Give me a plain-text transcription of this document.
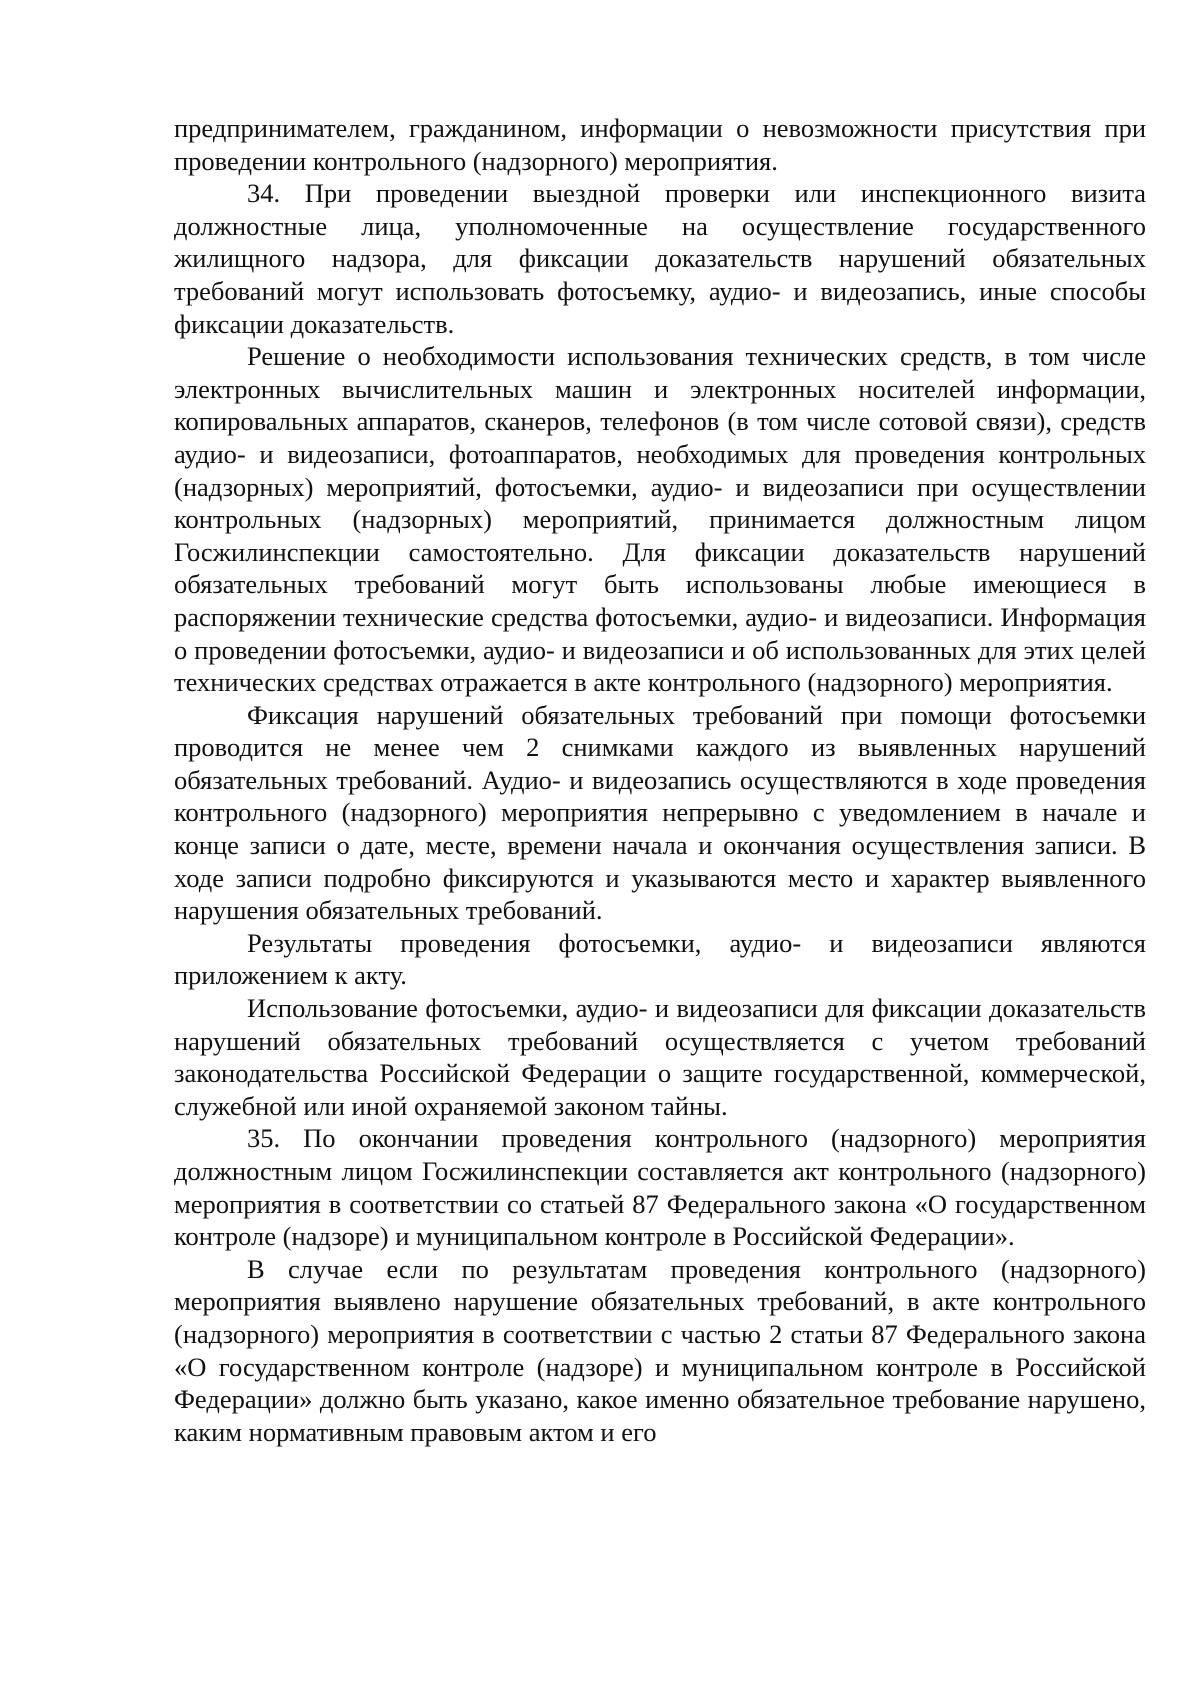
предпринимателем, гражданином, информации о невозможности присутствия при проведении контрольного (надзорного) мероприятия.

34. При проведении выездной проверки или инспекционного визита должностные лица, уполномоченные на осуществление государственного жилищного надзора, для фиксации доказательств нарушений обязательных требований могут использовать фотосъемку, аудио- и видеозапись, иные способы фиксации доказательств.

Решение о необходимости использования технических средств, в том числе электронных вычислительных машин и электронных носителей информации, копировальных аппаратов, сканеров, телефонов (в том числе сотовой связи), средств аудио- и видеозаписи, фотоаппаратов, необходимых для проведения контрольных (надзорных) мероприятий, фотосъемки, аудио- и видеозаписи при осуществлении контрольных (надзорных) мероприятий, принимается должностным лицом Госжилинспекции самостоятельно. Для фиксации доказательств нарушений обязательных требований могут быть использованы любые имеющиеся в распоряжении технические средства фотосъемки, аудио- и видеозаписи. Информация о проведении фотосъемки, аудио- и видеозаписи и об использованных для этих целей технических средствах отражается в акте контрольного (надзорного) мероприятия.

Фиксация нарушений обязательных требований при помощи фотосъемки проводится не менее чем 2 снимками каждого из выявленных нарушений обязательных требований. Аудио- и видеозапись осуществляются в ходе проведения контрольного (надзорного) мероприятия непрерывно с уведомлением в начале и конце записи о дате, месте, времени начала и окончания осуществления записи. В ходе записи подробно фиксируются и указываются место и характер выявленного нарушения обязательных требований.

Результаты проведения фотосъемки, аудио- и видеозаписи являются приложением к акту.

Использование фотосъемки, аудио- и видеозаписи для фиксации доказательств нарушений обязательных требований осуществляется с учетом требований законодательства Российской Федерации о защите государственной, коммерческой, служебной или иной охраняемой законом тайны.

35. По окончании проведения контрольного (надзорного) мероприятия должностным лицом Госжилинспекции составляется акт контрольного (надзорного) мероприятия в соответствии со статьей 87 Федерального закона «О государственном контроле (надзоре) и муниципальном контроле в Российской Федерации».

В случае если по результатам проведения контрольного (надзорного) мероприятия выявлено нарушение обязательных требований, в акте контрольного (надзорного) мероприятия в соответствии с частью 2 статьи 87 Федерального закона «О государственном контроле (надзоре) и муниципальном контроле в Российской Федерации» должно быть указано, какое именно обязательное требование нарушено, каким нормативным правовым актом и его
